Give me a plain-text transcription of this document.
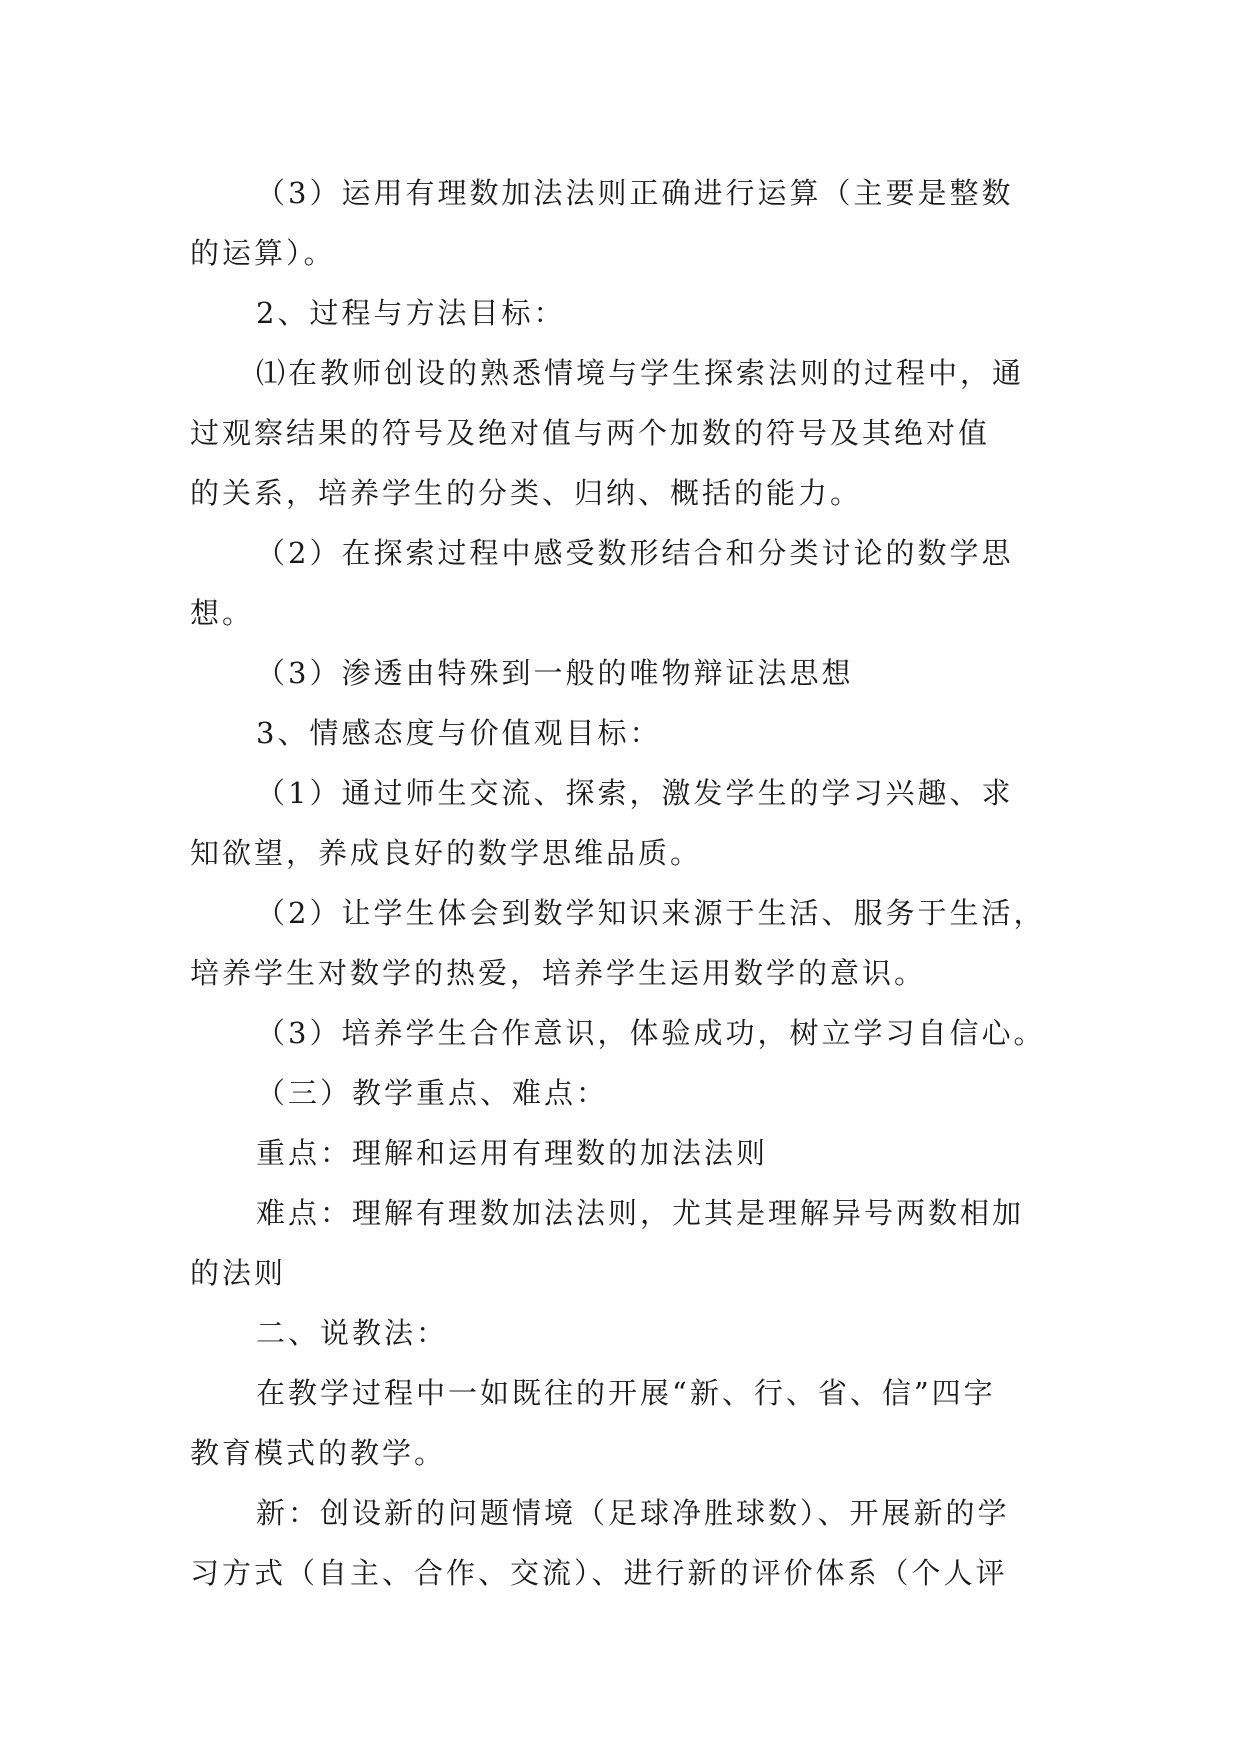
（3）运用有理数加法法则正确进行运算（主要是整数
的运算）。
2、过程与方法目标：
⑴在教师创设的熟悉情境与学生探索法则的过程中，通
过观察结果的符号及绝对值与两个加数的符号及其绝对值
的关系，培养学生的分类、归纳、概括的能力。
（2）在探索过程中感受数形结合和分类讨论的数学思
想。
（3）渗透由特殊到一般的唯物辩证法思想
3、情感态度与价值观目标：
（1）通过师生交流、探索，激发学生的学习兴趣、求
知欲望，养成良好的数学思维品质。
（2）让学生体会到数学知识来源于生活、服务于生活，
培养学生对数学的热爱，培养学生运用数学的意识。
（3）培养学生合作意识，体验成功，树立学习自信心。
（三）教学重点、难点：
重点：理解和运用有理数的加法法则
难点：理解有理数加法法则，尤其是理解异号两数相加
的法则
二、说教法：
在教学过程中一如既往的开展“新、行、省、信”四字
教育模式的教学。
新：创设新的问题情境（足球净胜球数）、开展新的学
习方式（自主、合作、交流）、进行新的评价体系（个人评
